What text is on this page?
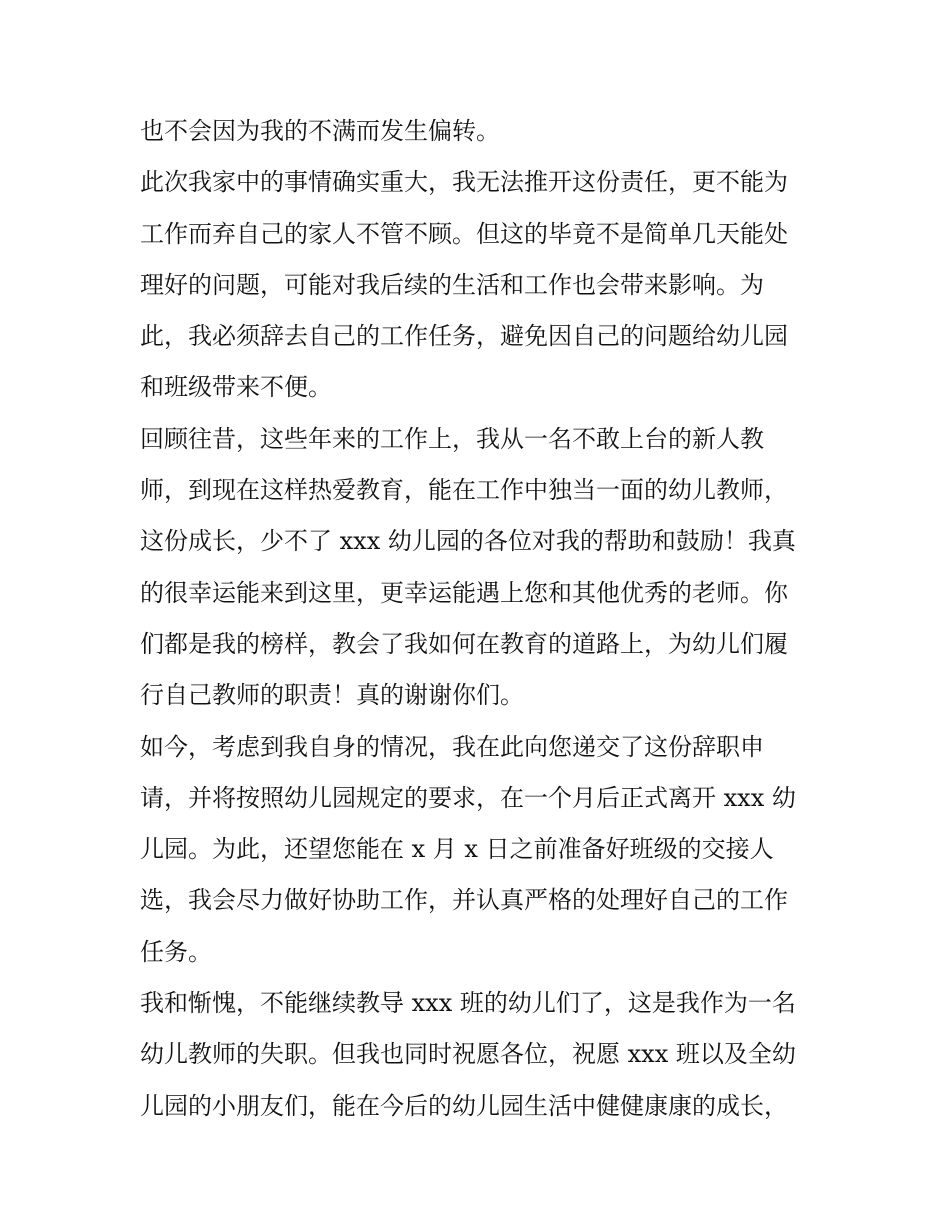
也不会因为我的不满而发生偏转。
此次我家中的事情确实重大，我无法推开这份责任，更不能为
工作而弃自己的家人不管不顾。但这的毕竟不是简单几天能处
理好的问题，可能对我后续的生活和工作也会带来影响。为
此，我必须辞去自己的工作任务，避免因自己的问题给幼儿园
和班级带来不便。
回顾往昔，这些年来的工作上，我从一名不敢上台的新人教
师，到现在这样热爱教育，能在工作中独当一面的幼儿教师，
这份成长，少不了 xxx 幼儿园的各位对我的帮助和鼓励！我真
的很幸运能来到这里，更幸运能遇上您和其他优秀的老师。你
们都是我的榜样，教会了我如何在教育的道路上，为幼儿们履
行自己教师的职责！真的谢谢你们。
如今，考虑到我自身的情况，我在此向您递交了这份辞职申
请，并将按照幼儿园规定的要求，在一个月后正式离开 xxx 幼
儿园。为此，还望您能在 x 月 x 日之前准备好班级的交接人
选，我会尽力做好协助工作，并认真严格的处理好自己的工作
任务。
我和惭愧，不能继续教导 xxx 班的幼儿们了，这是我作为一名
幼儿教师的失职。但我也同时祝愿各位，祝愿 xxx 班以及全幼
儿园的小朋友们，能在今后的幼儿园生活中健健康康的成长，
